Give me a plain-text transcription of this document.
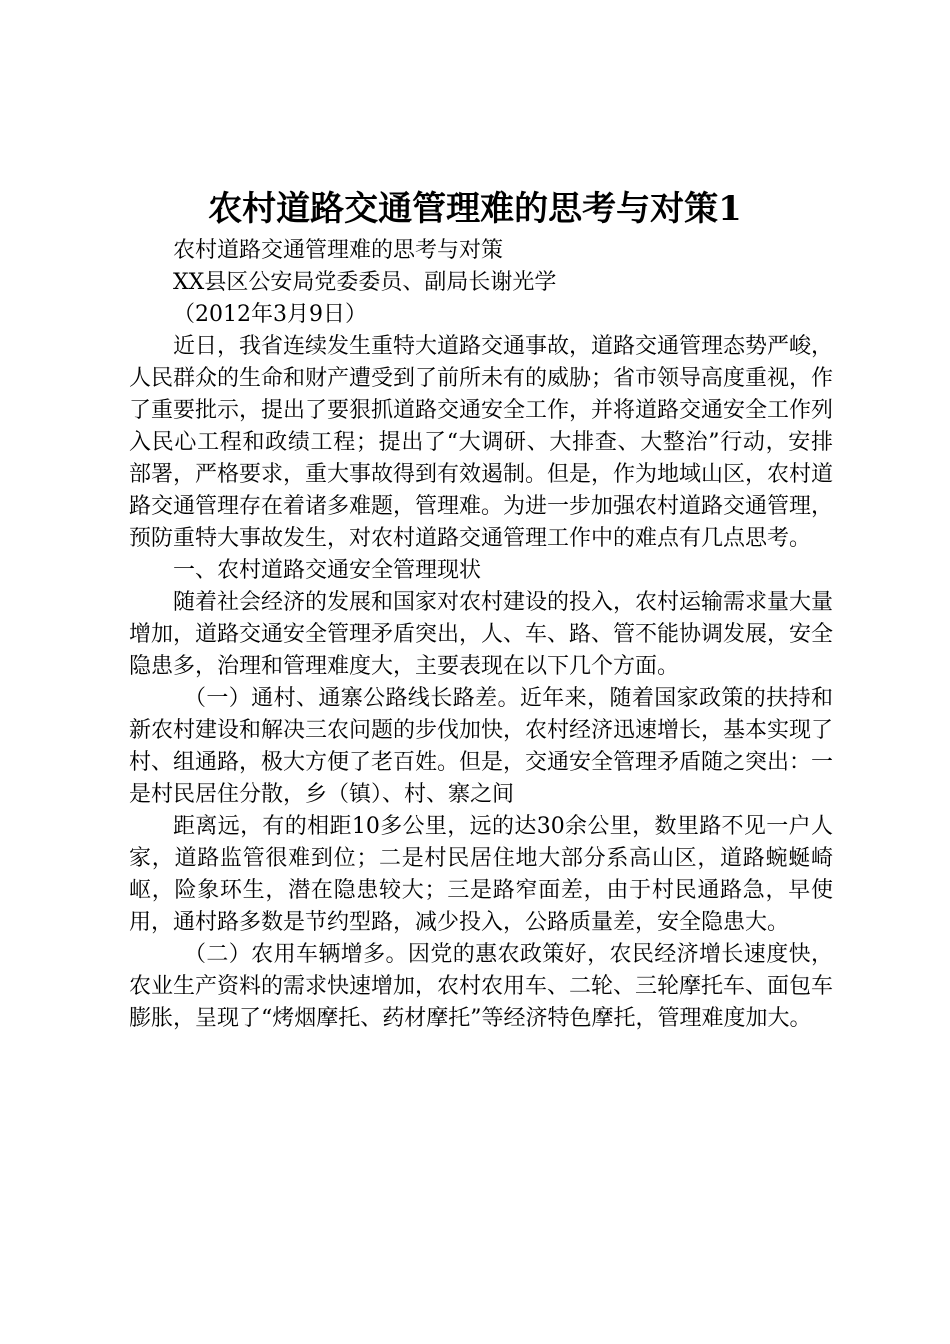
农村道路交通管理难的思考与对策1

农村道路交通管理难的思考与对策

XX县区公安局党委委员、副局长谢光学

（2012年3月9日）

近日，我省连续发生重特大道路交通事故，道路交通管理态势严峻，人民群众的生命和财产遭受到了前所未有的威胁；省市领导高度重视，作了重要批示，提出了要狠抓道路交通安全工作，并将道路交通安全工作列入民心工程和政绩工程；提出了“大调研、大排查、大整治”行动，安排部署，严格要求，重大事故得到有效遏制。但是，作为地域山区，农村道路交通管理存在着诸多难题，管理难。为进一步加强农村道路交通管理，预防重特大事故发生，对农村道路交通管理工作中的难点有几点思考。

一、农村道路交通安全管理现状

随着社会经济的发展和国家对农村建设的投入，农村运输需求量大量增加，道路交通安全管理矛盾突出，人、车、路、管不能协调发展，安全隐患多，治理和管理难度大，主要表现在以下几个方面。

（一）通村、通寨公路线长路差。近年来，随着国家政策的扶持和新农村建设和解决三农问题的步伐加快，农村经济迅速增长，基本实现了村、组通路，极大方便了老百姓。但是，交通安全管理矛盾随之突出：一是村民居住分散，乡（镇）、村、寨之间

距离远，有的相距10多公里，远的达30余公里，数里路不见一户人家，道路监管很难到位；二是村民居住地大部分系高山区，道路蜿蜒崎岖，险象环生，潜在隐患较大；三是路窄面差，由于村民通路急，早使用，通村路多数是节约型路，减少投入，公路质量差，安全隐患大。

（二）农用车辆增多。因党的惠农政策好，农民经济增长速度快，农业生产资料的需求快速增加，农村农用车、二轮、三轮摩托车、面包车膨胀，呈现了“烤烟摩托、药材摩托”等经济特色摩托，管理难度加大。
